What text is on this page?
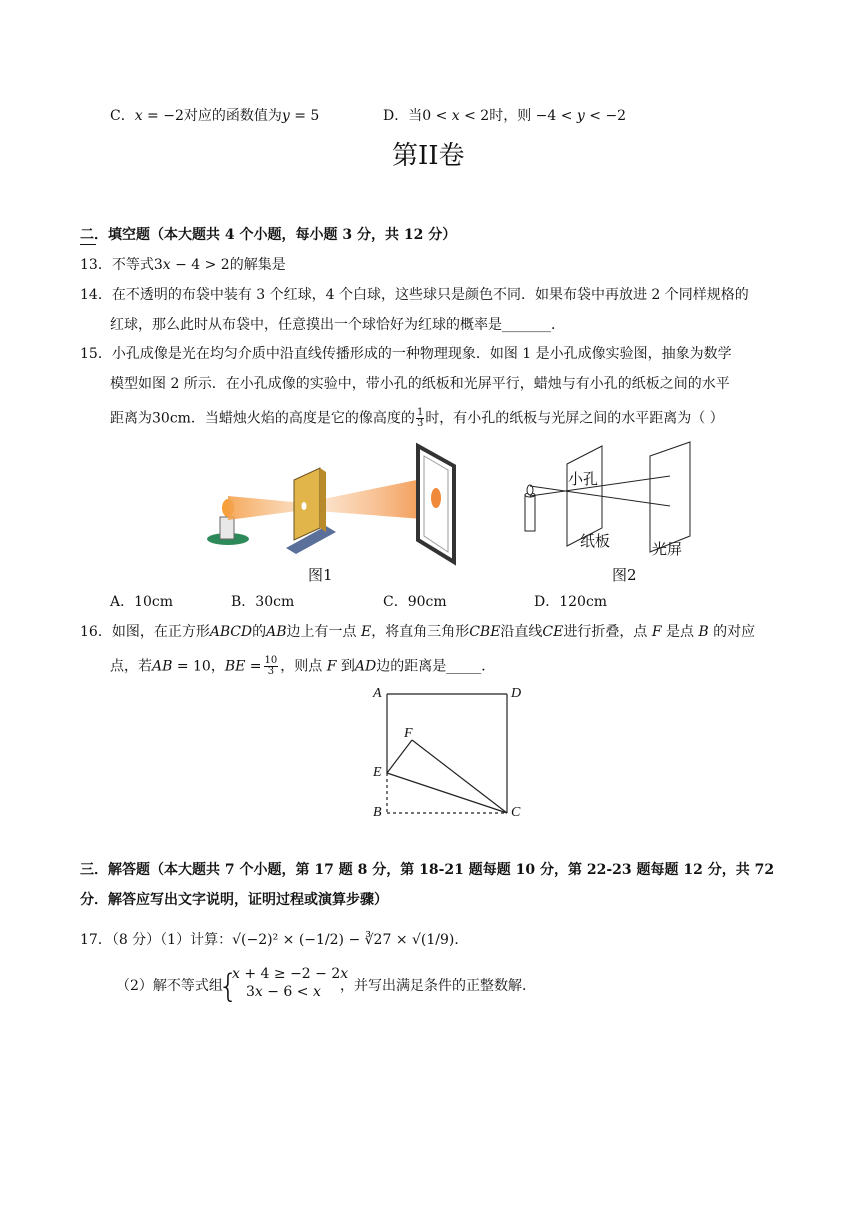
C．𝑥 = −2对应的函数值为𝑦 = 5	D．当0 < 𝑥 < 2时，则 −4 < 𝑦 < −2
第II卷
二．填空题（本大题共 4 个小题，每小题 3 分，共 12 分）
13．不等式3𝑥 − 4 > 2的解集是
14．在不透明的布袋中装有 3 个红球，4 个白球，这些球只是颜色不同．如果布袋中再放进 2 个同样规格的
红球，那么此时从布袋中，任意摸出一个球恰好为红球的概率是_______．
15．小孔成像是光在均匀介质中沿直线传播形成的一种物理现象．如图 1 是小孔成像实验图，抽象为数学
模型如图 2 所示．在小孔成像的实验中，带小孔的纸板和光屏平行，蜡烛与有小孔的纸板之间的水平
距离为30cm．当蜡烛火焰的高度是它的像高度的 $\frac{1}{3}$ 时，有小孔的纸板与光屏之间的水平距离为（ ）
图1
小孔
纸板	光屏
图2
A．10cm	B．30cm	C．90cm	D．120cm
16．如图，在正方形𝐴𝐵𝐶𝐷的𝐴𝐵边上有一点 𝐸，将直角三角形𝐶𝐵𝐸沿直线𝐶𝐸进行折叠，点 𝐹 是点 𝐵 的对应
点，若𝐴𝐵 = 10，𝐵𝐸 = $\frac{10}{3}$ ，则点 𝐹 到𝐴𝐷边的距离是_____．
A	D
F
E
B	C
三．解答题（本大题共 7 个小题，第 17 题 8 分，第 18-21 题每题 10 分，第 22-23 题每题 12 分，共 72
分．解答应写出文字说明，证明过程或演算步骤）
17．（8 分）（1）计算：√(−2)² × (−1/2) − ∛27 × √(1/9)．
（2）解不等式组
{
𝑥 + 4 ≥ −2 − 2𝑥
3𝑥 − 6 < 𝑥 ，并写出满足条件的正整数解．
